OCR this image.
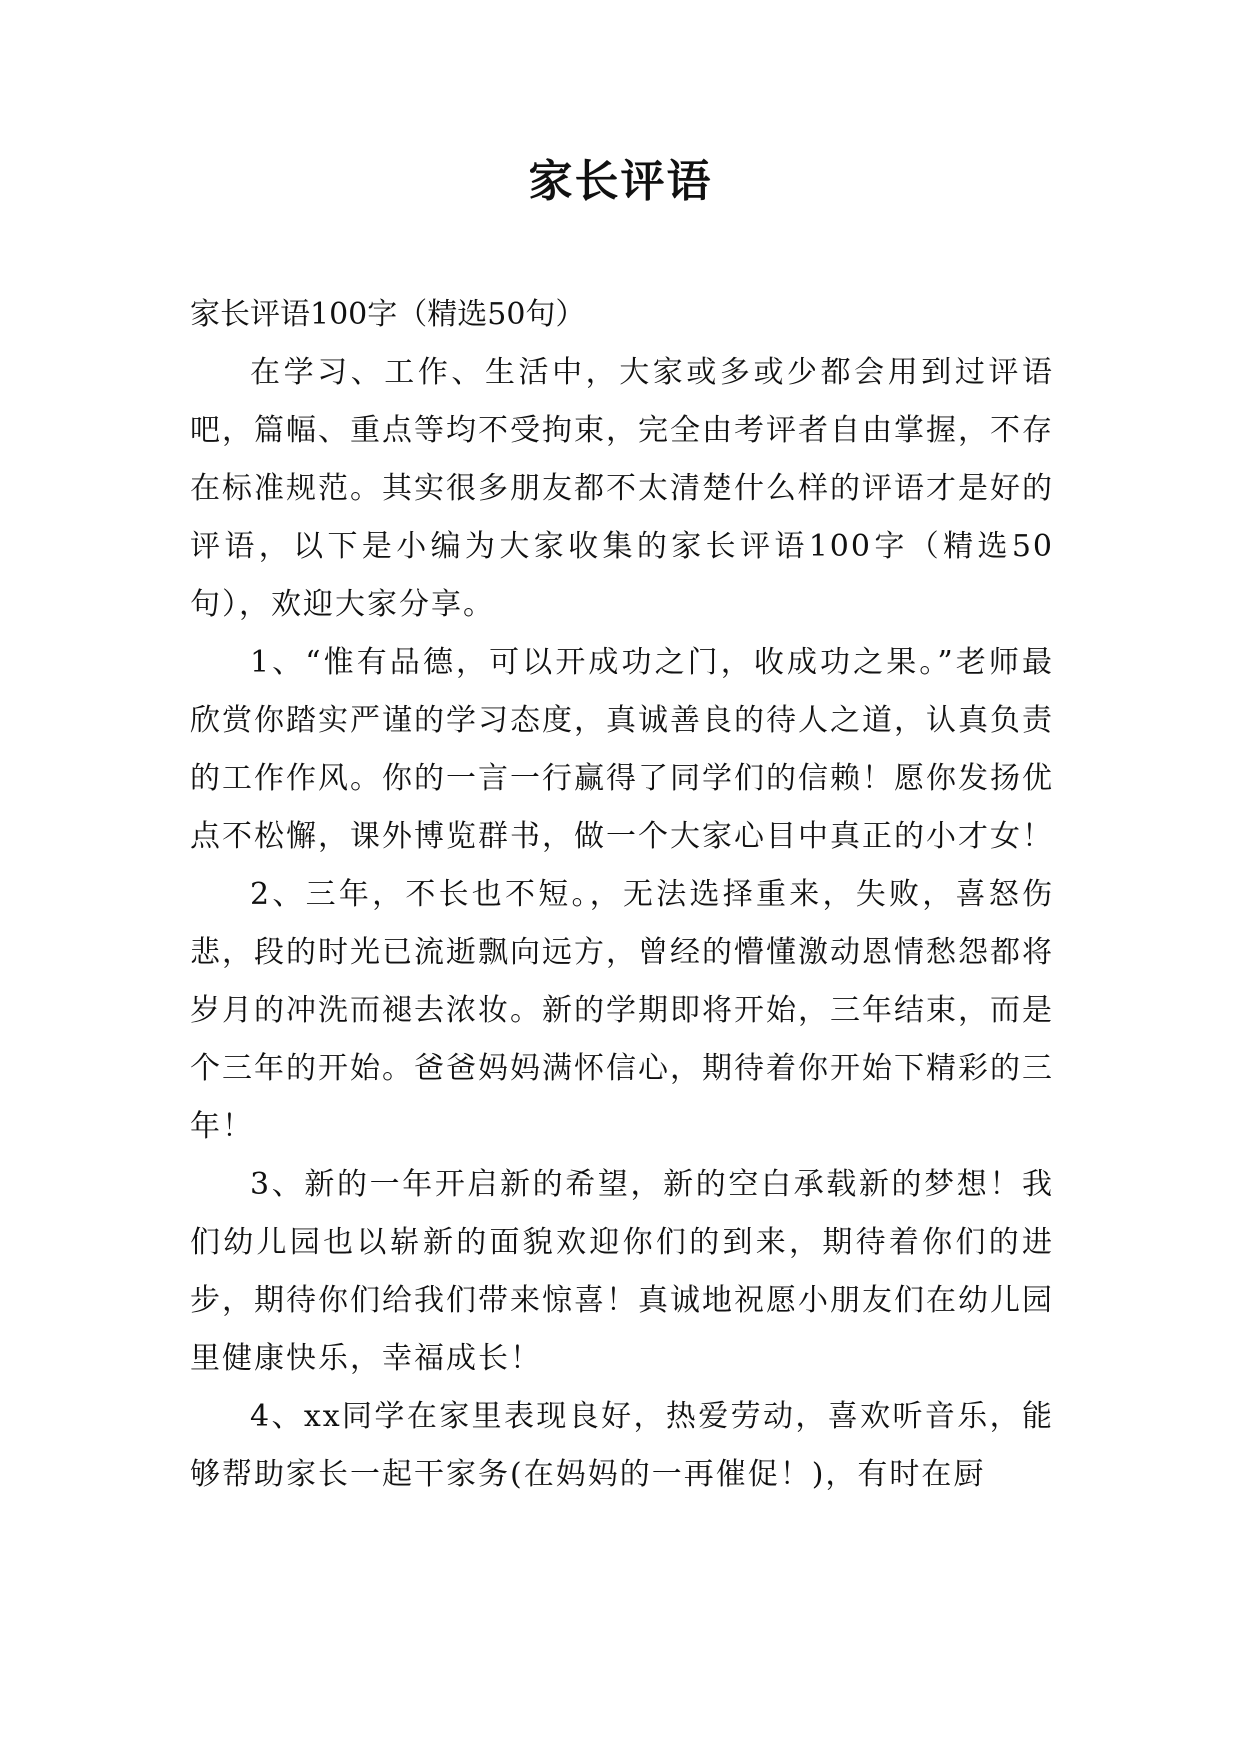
家长评语

家长评语100字（精选50句）

在学习、工作、生活中，大家或多或少都会用到过评语吧，篇幅、重点等均不受拘束，完全由考评者自由掌握，不存在标准规范。其实很多朋友都不太清楚什么样的评语才是好的评语，以下是小编为大家收集的家长评语100字（精选50句），欢迎大家分享。

1、“惟有品德，可以开成功之门，收成功之果。”老师最欣赏你踏实严谨的学习态度，真诚善良的待人之道，认真负责的工作作风。你的一言一行赢得了同学们的信赖！愿你发扬优点不松懈，课外博览群书，做一个大家心目中真正的小才女！

2、三年，不长也不短。，无法选择重来，失败，喜怒伤悲，段的时光已流逝飘向远方，曾经的懵懂激动恩情愁怨都将岁月的冲洗而褪去浓妆。新的学期即将开始，三年结束，而是个三年的开始。爸爸妈妈满怀信心，期待着你开始下精彩的三年！

3、新的一年开启新的希望，新的空白承载新的梦想！我们幼儿园也以崭新的面貌欢迎你们的到来，期待着你们的进步，期待你们给我们带来惊喜！真诚地祝愿小朋友们在幼儿园里健康快乐，幸福成长！

4、xx同学在家里表现良好，热爱劳动，喜欢听音乐，能够帮助家长一起干家务(在妈妈的一再催促！)，有时在厨
